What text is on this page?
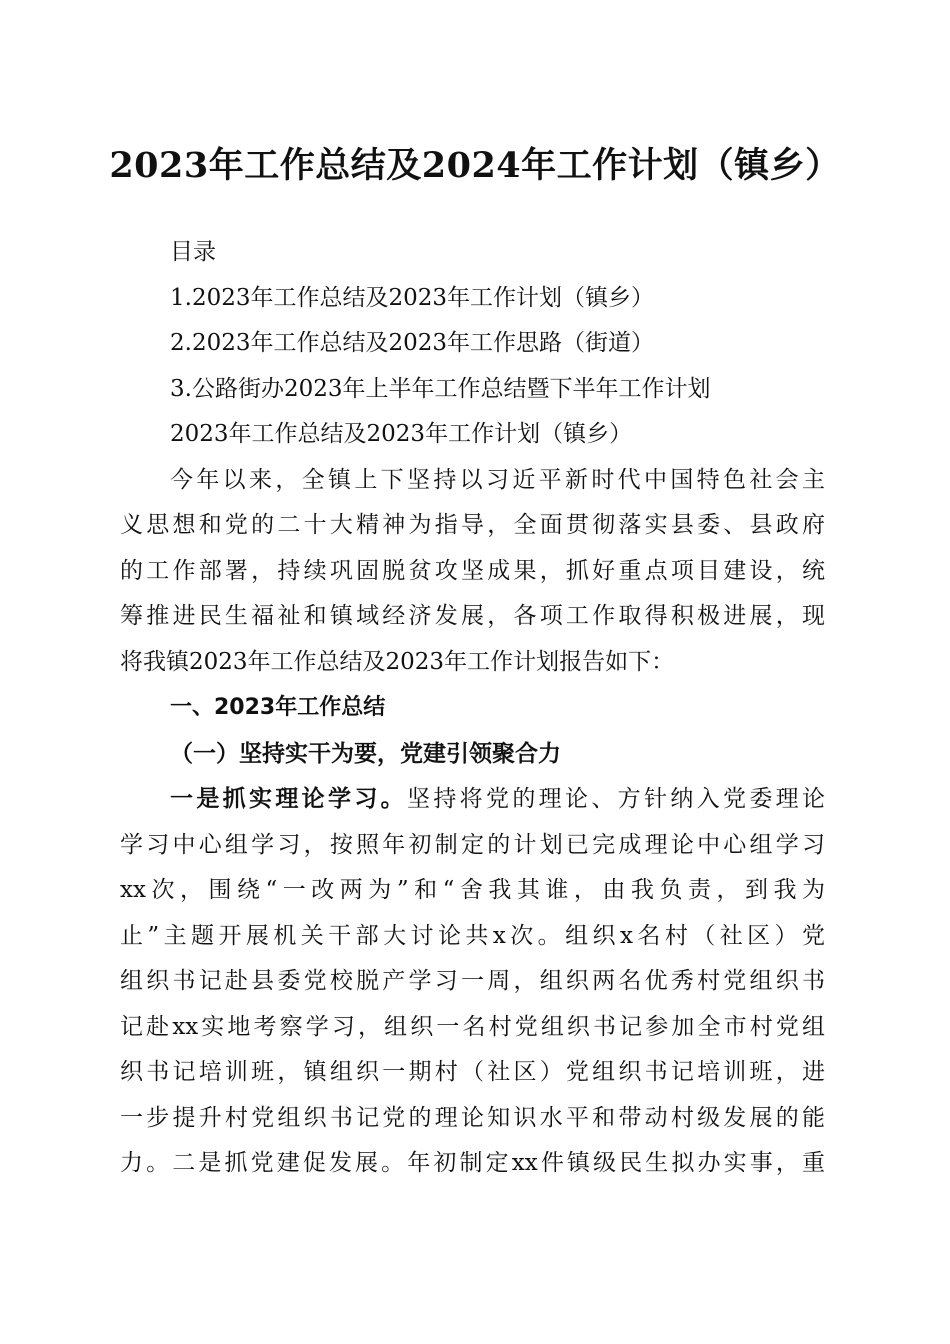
2023年工作总结及2024年工作计划（镇乡）
目录
1.2023年工作总结及2023年工作计划（镇乡）
2.2023年工作总结及2023年工作思路（街道）
3.公路街办2023年上半年工作总结暨下半年工作计划
2023年工作总结及2023年工作计划（镇乡）
今年以来，全镇上下坚持以习近平新时代中国特色社会主
义思想和党的二十大精神为指导，全面贯彻落实县委、县政府
的工作部署，持续巩固脱贫攻坚成果，抓好重点项目建设，统
筹推进民生福祉和镇域经济发展，各项工作取得积极进展，现
将我镇2023年工作总结及2023年工作计划报告如下：
一、2023年工作总结
（一）坚持实干为要，党建引领聚合力
一是抓实理论学习。坚持将党的理论、方针纳入党委理论
学习中心组学习，按照年初制定的计划已完成理论中心组学习
xx次，围绕“一改两为”和“舍我其谁，由我负责，到我为
止”主题开展机关干部大讨论共x次。组织x名村（社区）党
组织书记赴县委党校脱产学习一周，组织两名优秀村党组织书
记赴xx实地考察学习，组织一名村党组织书记参加全市村党组
织书记培训班，镇组织一期村（社区）党组织书记培训班，进
一步提升村党组织书记党的理论知识水平和带动村级发展的能
力。二是抓党建促发展。年初制定xx件镇级民生拟办实事，重
